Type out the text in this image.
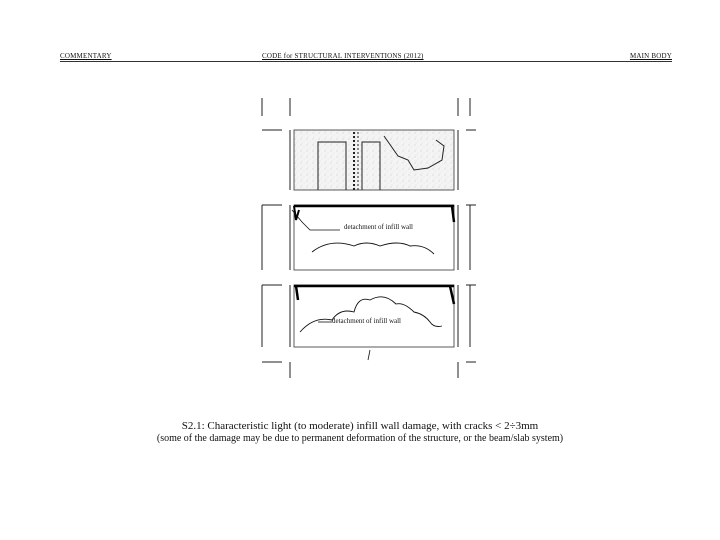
COMMENTARY	CODE for STRUCTURAL INTERVENTIONS (2012)	MAIN BODY
detachment of infill wall
detachment of infill wall
S2.1: Characteristic light (to moderate) infill wall damage, with cracks < 2÷3mm
(some of the damage may be due to permanent deformation of the structure, or the beam/slab system)
